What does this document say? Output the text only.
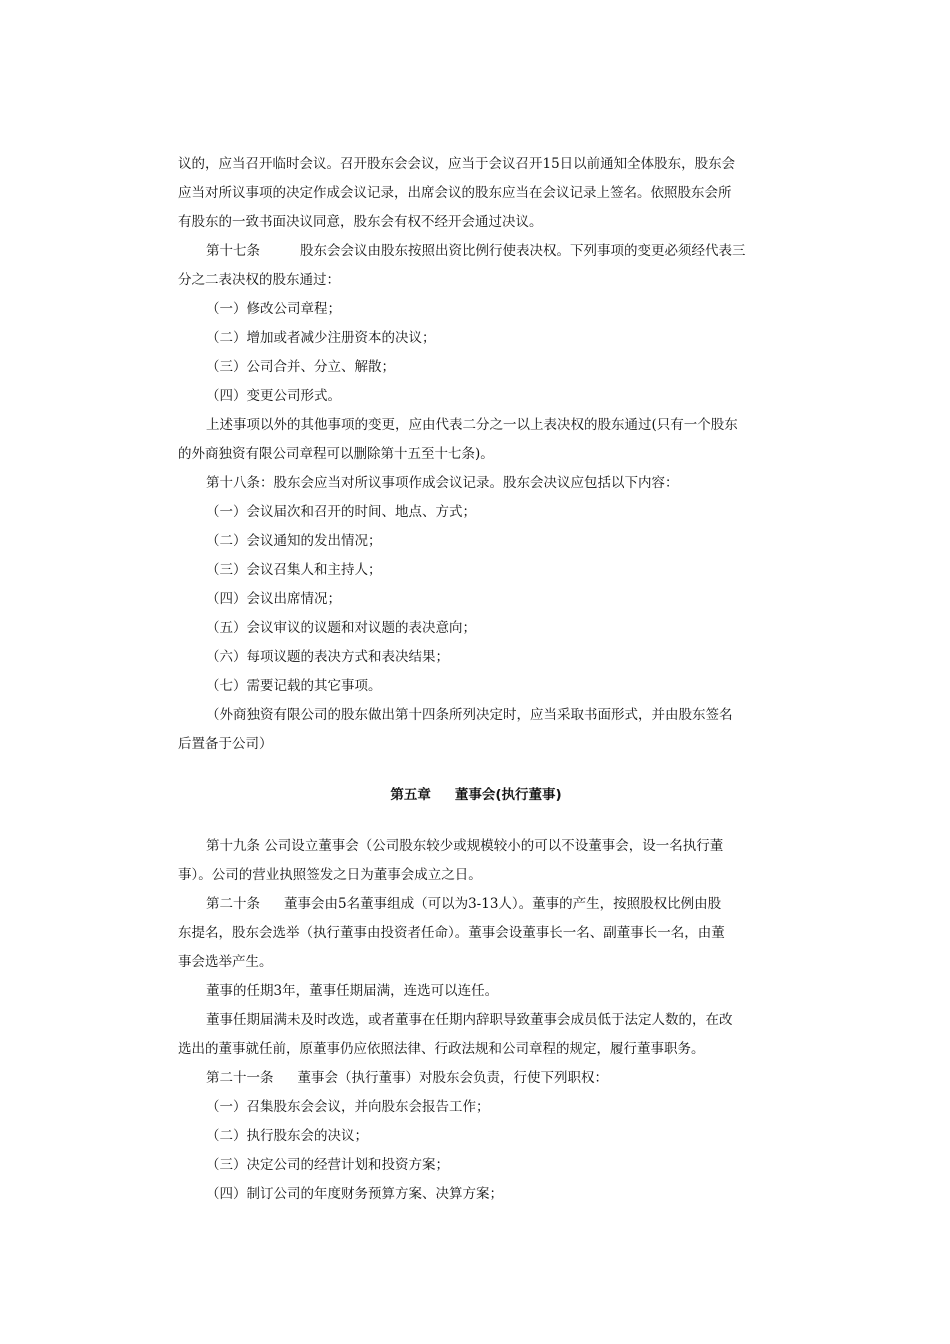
议的，应当召开临时会议。召开股东会会议，应当于会议召开15日以前通知全体股东，股东会

应当对所议事项的决定作成会议记录，出席会议的股东应当在会议记录上签名。依照股东会所

有股东的一致书面决议同意，股东会有权不经开会通过决议。

第十七条	股东会会议由股东按照出资比例行使表决权。下列事项的变更必须经代表三

分之二表决权的股东通过：

（一）修改公司章程；

（二）增加或者减少注册资本的决议；

（三）公司合并、分立、解散；

（四）变更公司形式。

上述事项以外的其他事项的变更，应由代表二分之一以上表决权的股东通过(只有一个股东

的外商独资有限公司章程可以删除第十五至十七条)。

第十八条：股东会应当对所议事项作成会议记录。股东会决议应包括以下内容：

（一）会议届次和召开的时间、地点、方式；

（二）会议通知的发出情况；

（三）会议召集人和主持人；

（四）会议出席情况；

（五）会议审议的议题和对议题的表决意向；

（六）每项议题的表决方式和表决结果；

（七）需要记载的其它事项。

（外商独资有限公司的股东做出第十四条所列决定时，应当采取书面形式，并由股东签名

后置备于公司）

第五章 董事会(执行董事)

第十九条 公司设立董事会（公司股东较少或规模较小的可以不设董事会，设一名执行董

事）。公司的营业执照签发之日为董事会成立之日。

第二十条 董事会由5名董事组成（可以为3-13人）。董事的产生，按照股权比例由股

东提名，股东会选举（执行董事由投资者任命）。董事会设董事长一名、副董事长一名，由董

事会选举产生。

董事的任期3年，董事任期届满，连选可以连任。

董事任期届满未及时改选，或者董事在任期内辞职导致董事会成员低于法定人数的，在改

选出的董事就任前，原董事仍应依照法律、行政法规和公司章程的规定，履行董事职务。

第二十一条 董事会（执行董事）对股东会负责，行使下列职权：

（一）召集股东会会议，并向股东会报告工作；

（二）执行股东会的决议；

（三）决定公司的经营计划和投资方案；

（四）制订公司的年度财务预算方案、决算方案；
